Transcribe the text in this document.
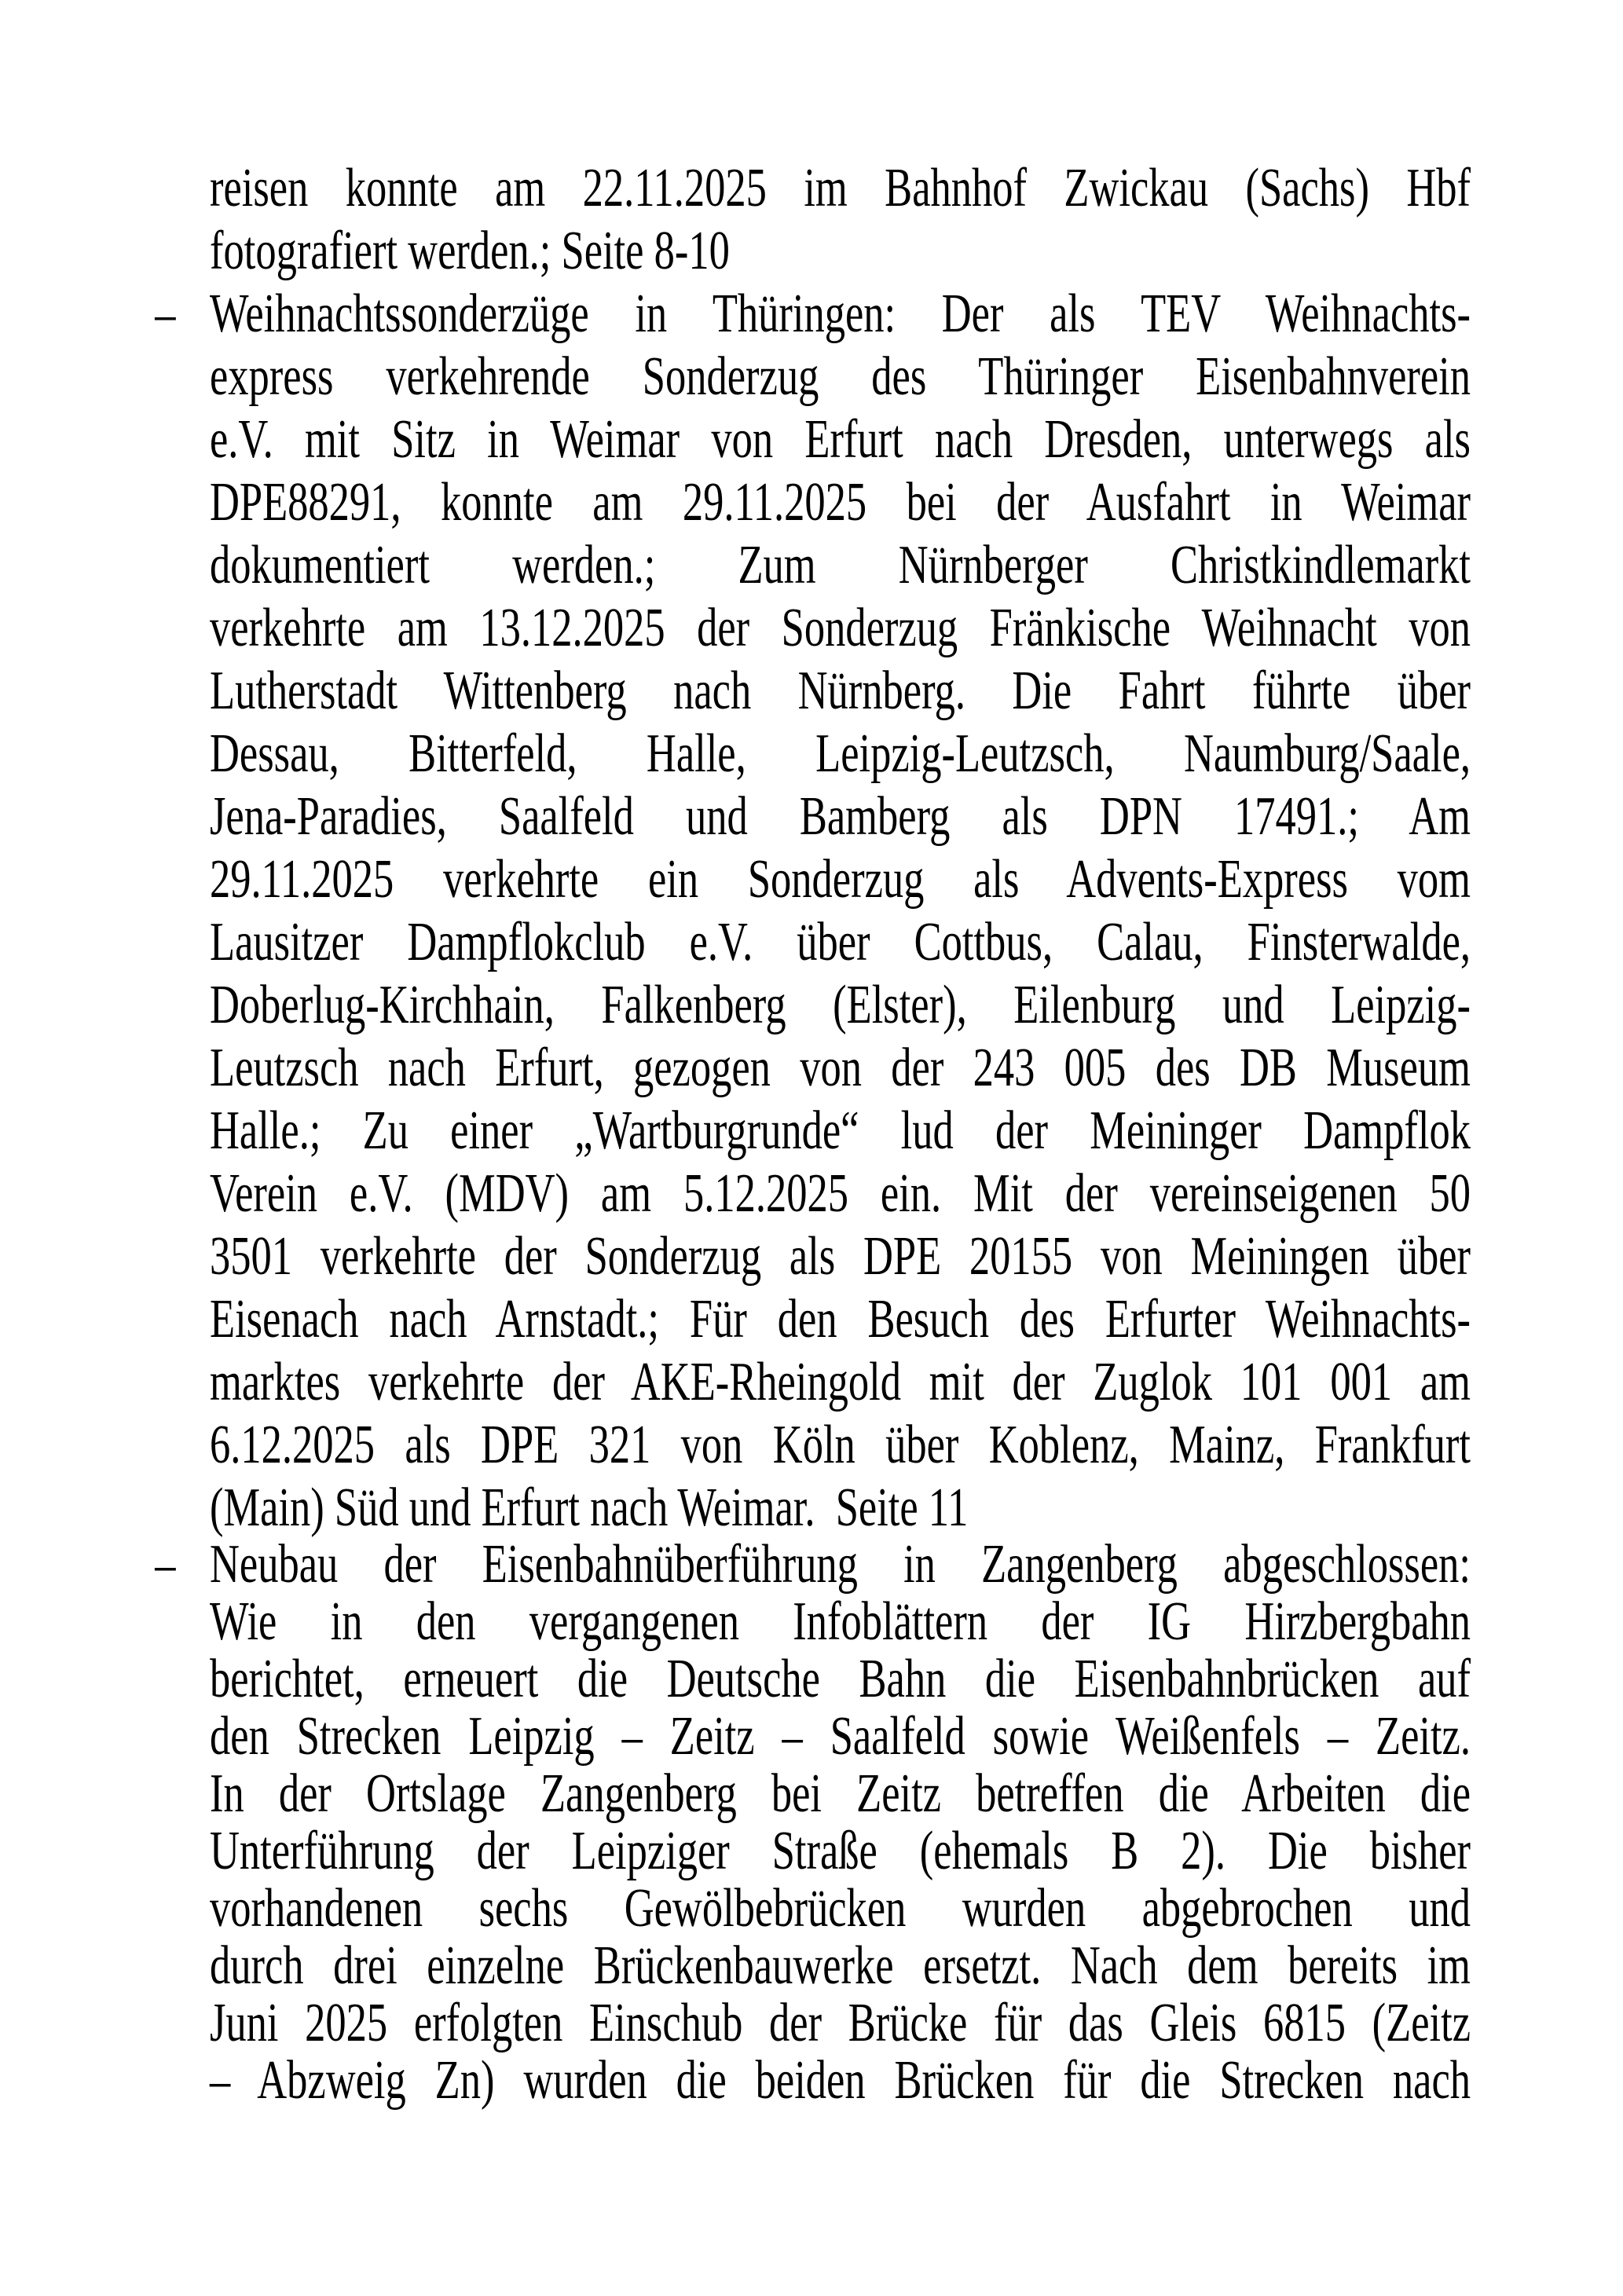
reisen konnte am 22.11.2025 im Bahnhof Zwickau (Sachs) Hbf
fotografiert werden.; Seite 8-10
– Weihnachtssonderzüge in Thüringen: Der als TEV Weihnachts-
express verkehrende Sonderzug des Thüringer Eisenbahnverein
e.V. mit Sitz in Weimar von Erfurt nach Dresden, unterwegs als
DPE88291, konnte am 29.11.2025 bei der Ausfahrt in Weimar
dokumentiert werden.; Zum Nürnberger Christkindlemarkt
verkehrte am 13.12.2025 der Sonderzug Fränkische Weihnacht von
Lutherstadt Wittenberg nach Nürnberg. Die Fahrt führte über
Dessau, Bitterfeld, Halle, Leipzig-Leutzsch, Naumburg/Saale,
Jena-Paradies, Saalfeld und Bamberg als DPN 17491.; Am
29.11.2025 verkehrte ein Sonderzug als Advents-Express vom
Lausitzer Dampflokclub e.V. über Cottbus, Calau, Finsterwalde,
Doberlug-Kirchhain, Falkenberg (Elster), Eilenburg und Leipzig-
Leutzsch nach Erfurt, gezogen von der 243 005 des DB Museum
Halle.; Zu einer „Wartburgrunde“ lud der Meininger Dampflok
Verein e.V. (MDV) am 5.12.2025 ein. Mit der vereinseigenen 50
3501 verkehrte der Sonderzug als DPE 20155 von Meiningen über
Eisenach nach Arnstadt.; Für den Besuch des Erfurter Weihnachts-
marktes verkehrte der AKE-Rheingold mit der Zuglok 101 001 am
6.12.2025 als DPE 321 von Köln über Koblenz, Mainz, Frankfurt
(Main) Süd und Erfurt nach Weimar.  Seite 11
– Neubau der Eisenbahnüberführung in Zangenberg abgeschlossen:
Wie in den vergangenen Infoblättern der IG Hirzbergbahn
berichtet, erneuert die Deutsche Bahn die Eisenbahnbrücken auf
den Strecken Leipzig – Zeitz – Saalfeld sowie Weißenfels – Zeitz.
In der Ortslage Zangenberg bei Zeitz betreffen die Arbeiten die
Unterführung der Leipziger Straße (ehemals B 2). Die bisher
vorhandenen sechs Gewölbebrücken wurden abgebrochen und
durch drei einzelne Brückenbauwerke ersetzt. Nach dem bereits im
Juni 2025 erfolgten Einschub der Brücke für das Gleis 6815 (Zeitz
– Abzweig Zn) wurden die beiden Brücken für die Strecken nach
